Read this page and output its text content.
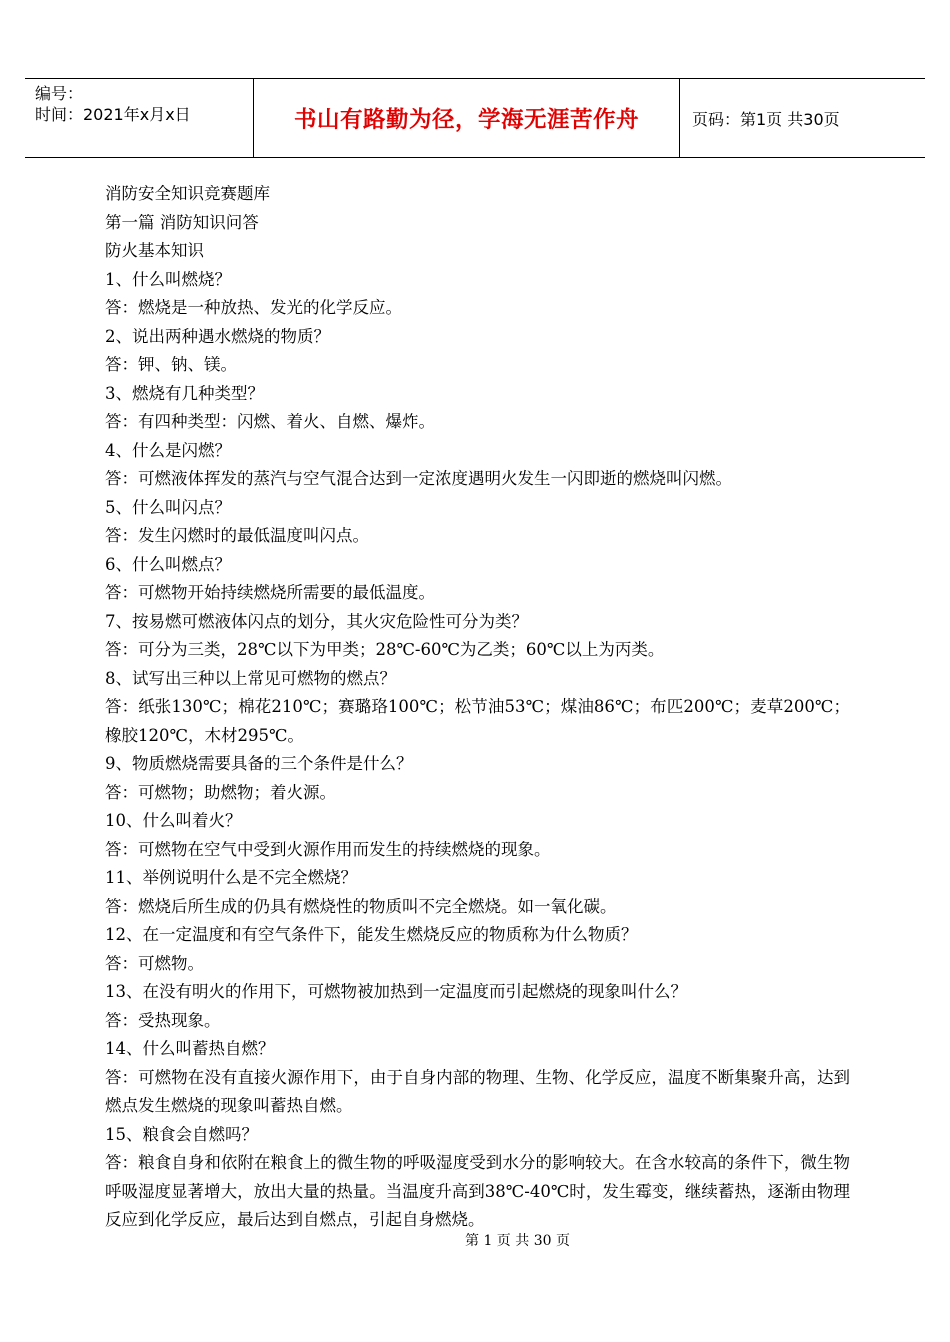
编号：
时间：2021年x月x日	书山有路勤为径，学海无涯苦作舟	页码：第1页 共30页
消防安全知识竞赛题库
第一篇 消防知识问答
防火基本知识
1、什么叫燃烧？
答：燃烧是一种放热、发光的化学反应。
2、说出两种遇水燃烧的物质？
答：钾、钠、镁。
3、燃烧有几种类型？
答：有四种类型：闪燃、着火、自燃、爆炸。
4、什么是闪燃？
答：可燃液体挥发的蒸汽与空气混合达到一定浓度遇明火发生一闪即逝的燃烧叫闪燃。
5、什么叫闪点？
答：发生闪燃时的最低温度叫闪点。
6、什么叫燃点？
答：可燃物开始持续燃烧所需要的最低温度。
7、按易燃可燃液体闪点的划分，其火灾危险性可分为类？
答：可分为三类，28℃以下为甲类；28℃-60℃为乙类；60℃以上为丙类。
8、试写出三种以上常见可燃物的燃点？
答：纸张130℃；棉花210℃；赛璐珞100℃；松节油53℃；煤油86℃；布匹200℃；麦草200℃；橡胶120℃，木材295℃。
9、物质燃烧需要具备的三个条件是什么？
答：可燃物；助燃物；着火源。
10、什么叫着火？
答：可燃物在空气中受到火源作用而发生的持续燃烧的现象。
11、举例说明什么是不完全燃烧？
答：燃烧后所生成的仍具有燃烧性的物质叫不完全燃烧。如一氧化碳。
12、在一定温度和有空气条件下，能发生燃烧反应的物质称为什么物质？
答：可燃物。
13、在没有明火的作用下，可燃物被加热到一定温度而引起燃烧的现象叫什么？
答：受热现象。
14、什么叫蓄热自燃？
答：可燃物在没有直接火源作用下，由于自身内部的物理、生物、化学反应，温度不断集聚升高，达到燃点发生燃烧的现象叫蓄热自燃。
15、粮食会自燃吗？
答：粮食自身和依附在粮食上的微生物的呼吸湿度受到水分的影响较大。在含水较高的条件下，微生物呼吸湿度显著增大，放出大量的热量。当温度升高到38℃-40℃时，发生霉变，继续蓄热，逐渐由物理反应到化学反应，最后达到自燃点，引起自身燃烧。
第 1 页 共 30 页
